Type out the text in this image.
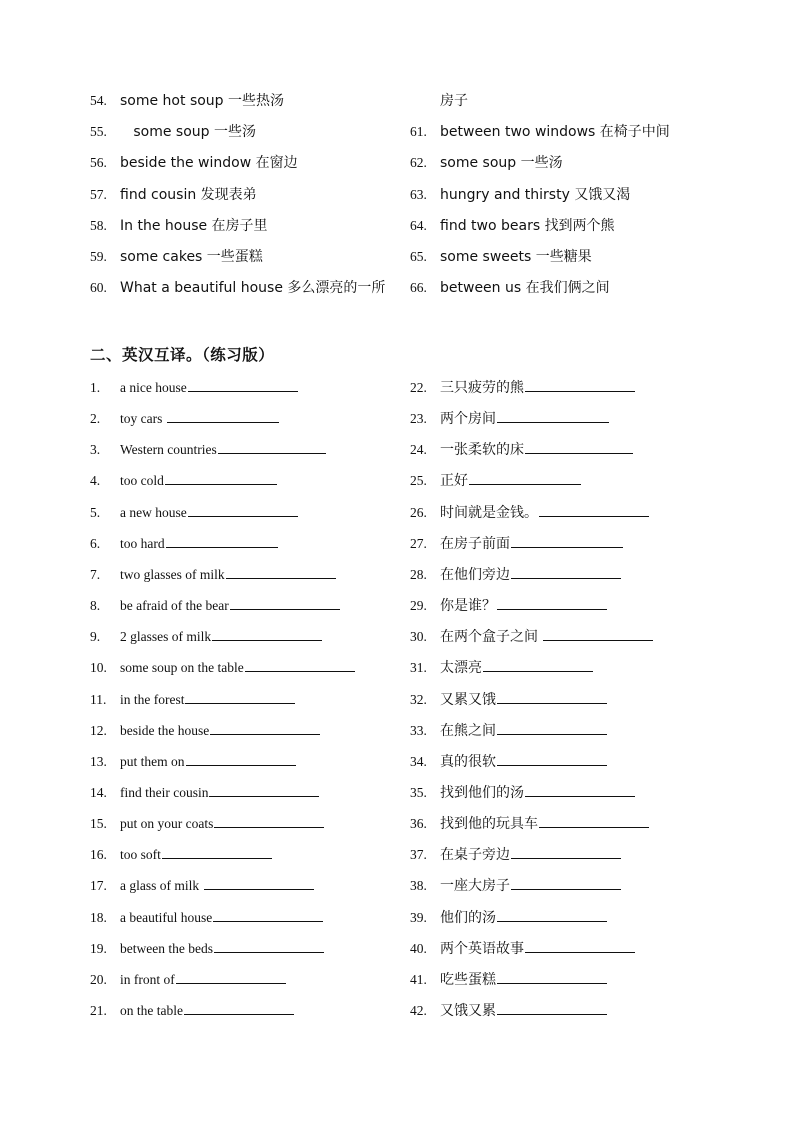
54. some hot soup 一些热汤
55.   some soup 一些汤
56. beside the window 在窗边
57. find cousin 发现表弟
58. In the house 在房子里
59. some cakes 一些蛋糕
60. What a beautiful house 多么漂亮的一所
房子
61. between two windows 在椅子中间
62. some soup 一些汤
63. hungry and thirsty 又饿又渴
64. find two bears 找到两个熊
65. some sweets 一些糖果
66. between us 在我们俩之间
二、英汉互译。（练习版）
1. a nice house
2. toy cars
3. Western countries
4. too cold
5. a new house
6. too hard
7. two glasses of milk
8. be afraid of the bear
9. 2 glasses of milk
10. some soup on the table
11. in the forest
12. beside the house
13. put them on
14. find their cousin
15. put on your coats
16. too soft
17. a glass of milk
18. a beautiful house
19. between the beds
20. in front of
21. on the table
22. 三只疲劳的熊
23. 两个房间
24. 一张柔软的床
25. 正好
26. 时间就是金钱。
27. 在房子前面
28. 在他们旁边
29. 你是谁？
30. 在两个盒子之间
31. 太漂亮
32. 又累又饿
33. 在熊之间
34. 真的很软
35. 找到他们的汤
36. 找到他的玩具车
37. 在桌子旁边
38. 一座大房子
39. 他们的汤
40. 两个英语故事
41. 吃些蛋糕
42. 又饿又累
